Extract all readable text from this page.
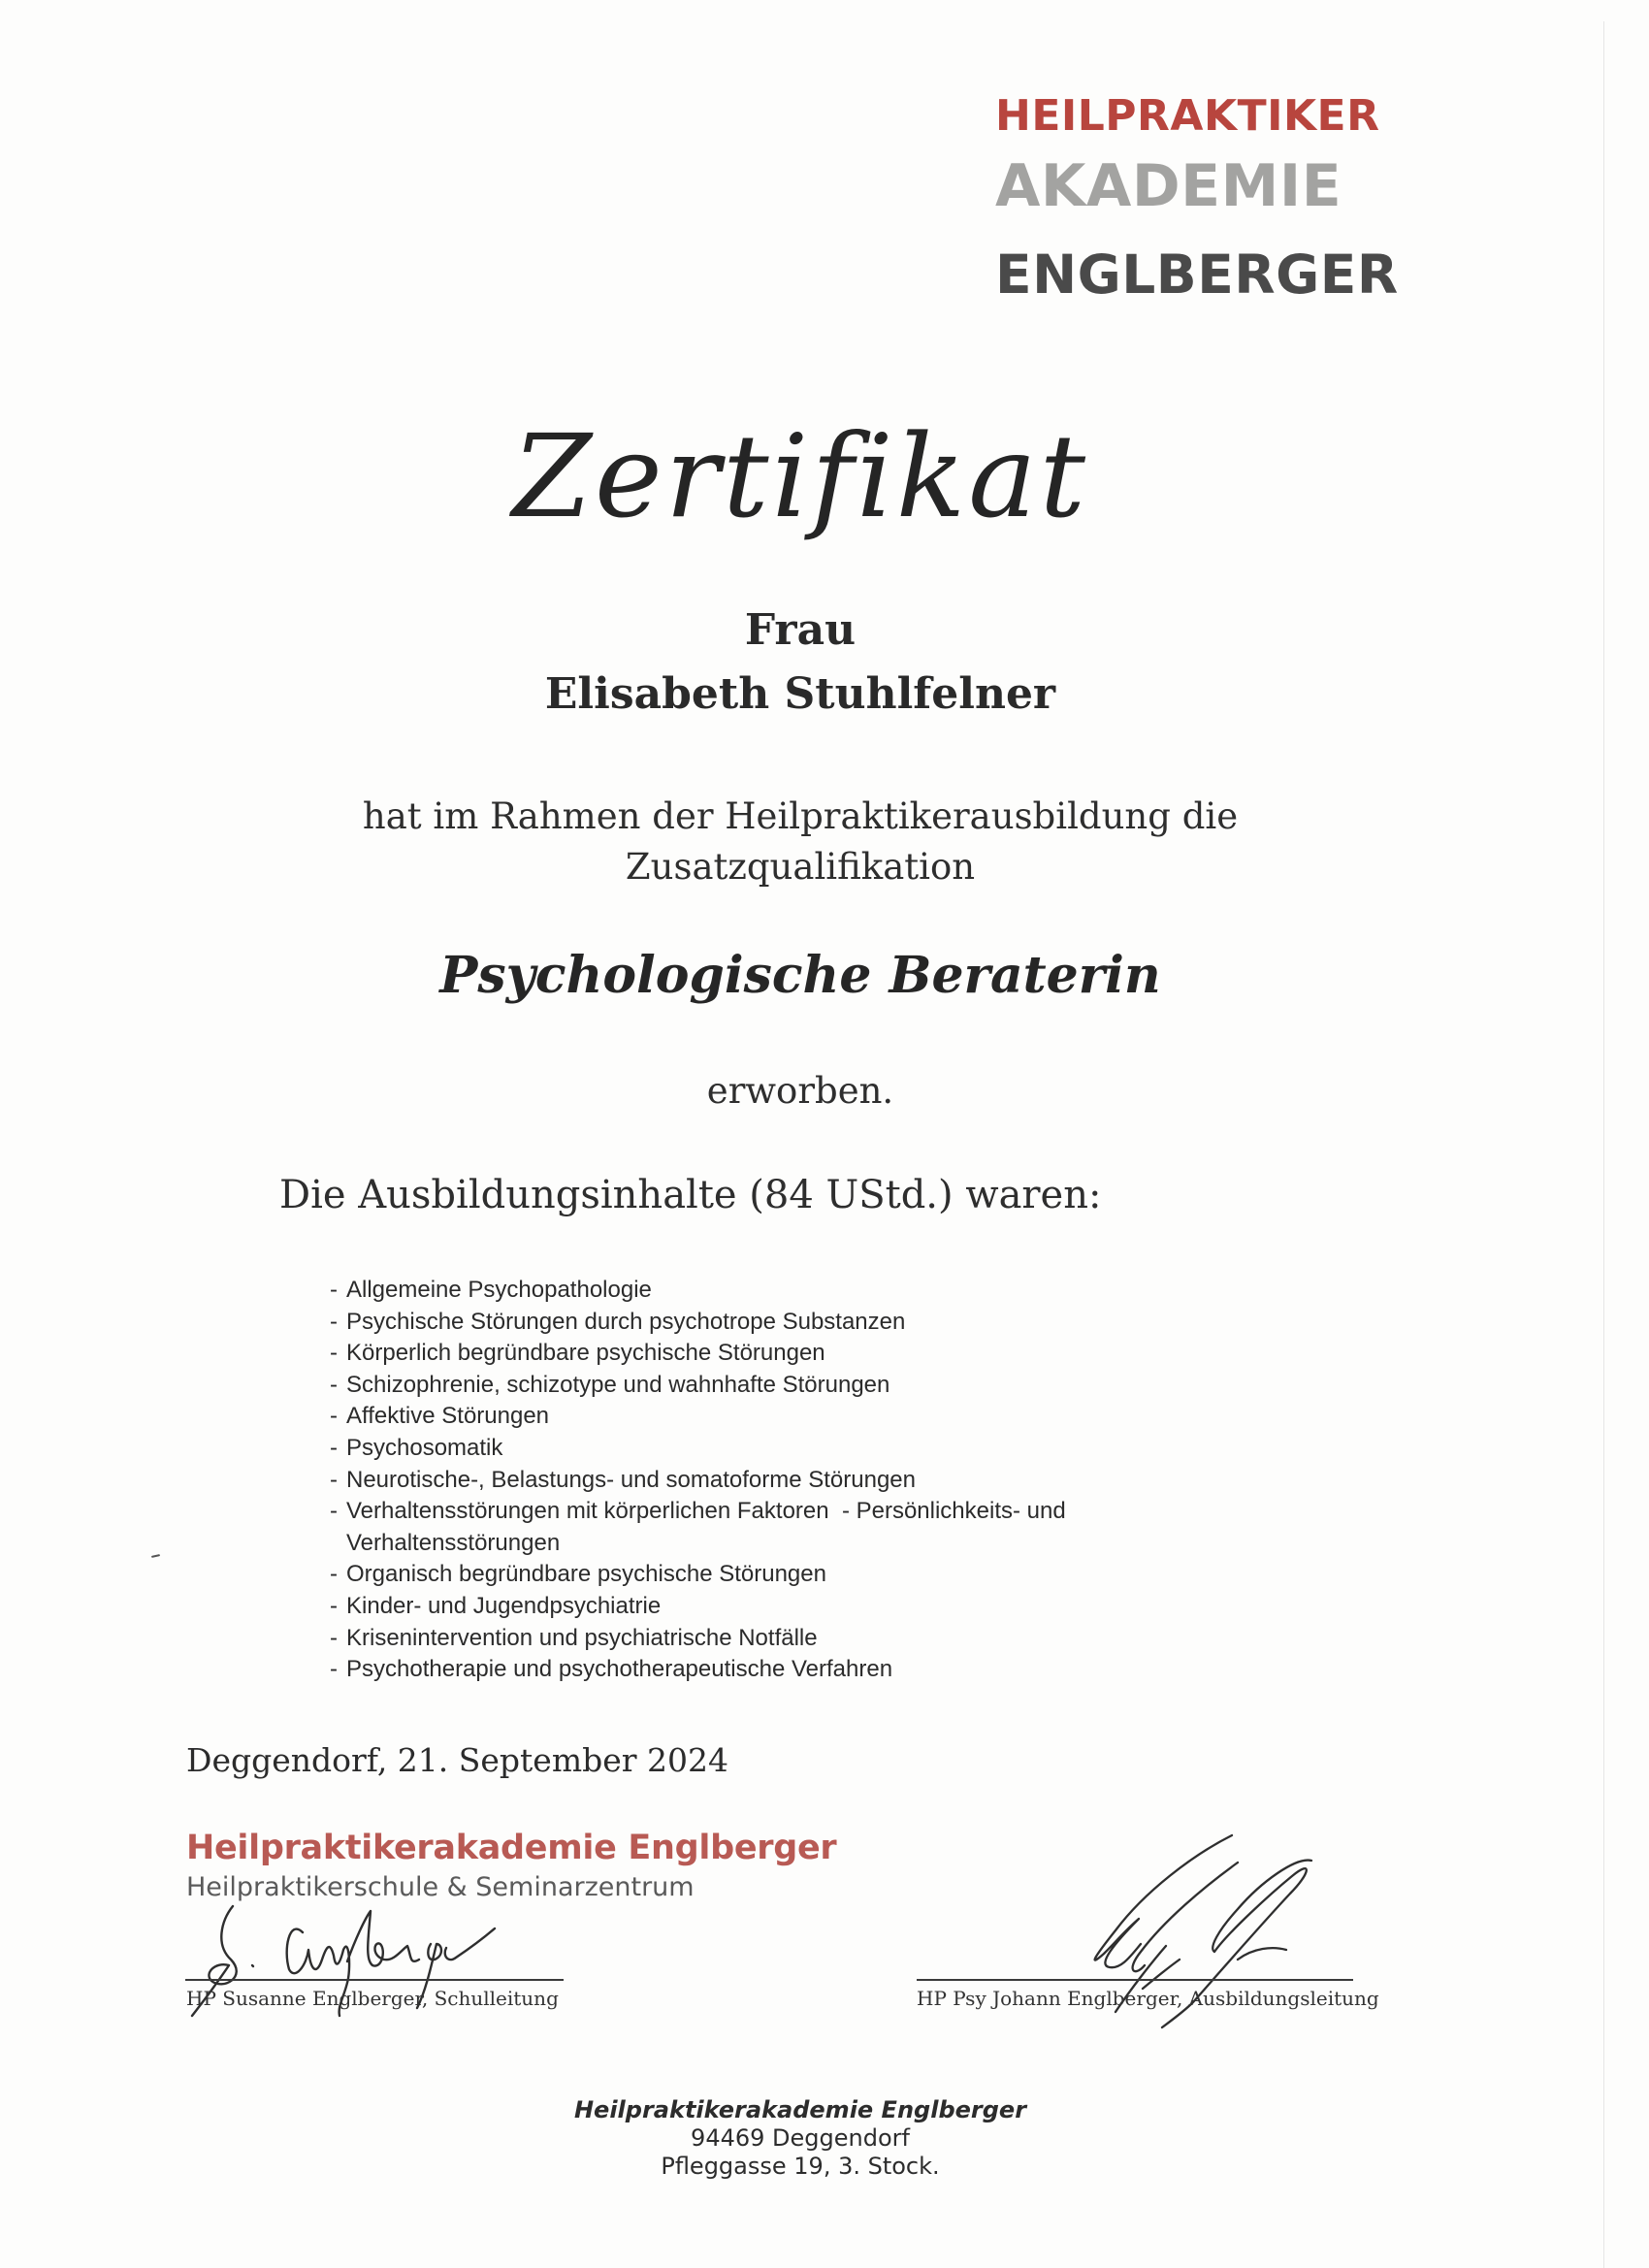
HEILPRAKTIKER
AKADEMIE
ENGLBERGER
Zertifikat
Frau
Elisabeth Stuhlfelner
hat im Rahmen der Heilpraktikerausbildung die
Zusatzqualifikation
Psychologische Beraterin
erworben.
Die Ausbildungsinhalte (84 UStd.) waren:
- Allgemeine Psychopathologie
- Psychische Störungen durch psychotrope Substanzen
- Körperlich begründbare psychische Störungen
- Schizophrenie, schizotype und wahnhafte Störungen
- Affektive Störungen
- Psychosomatik
- Neurotische-, Belastungs- und somatoforme Störungen
- Verhaltensstörungen mit körperlichen Faktoren  - Persönlichkeits- und
Verhaltensstörungen
- Organisch begründbare psychische Störungen
- Kinder- und Jugendpsychiatrie
- Krisenintervention und psychiatrische Notfälle
- Psychotherapie und psychotherapeutische Verfahren
Deggendorf, 21. September 2024
Heilpraktikerakademie Englberger
Heilpraktikerschule & Seminarzentrum
HP Susanne Englberger, Schulleitung	HP Psy Johann Englberger, Ausbildungsleitung
Heilpraktikerakademie Englberger
94469 Deggendorf
Pfleggasse 19, 3. Stock.
